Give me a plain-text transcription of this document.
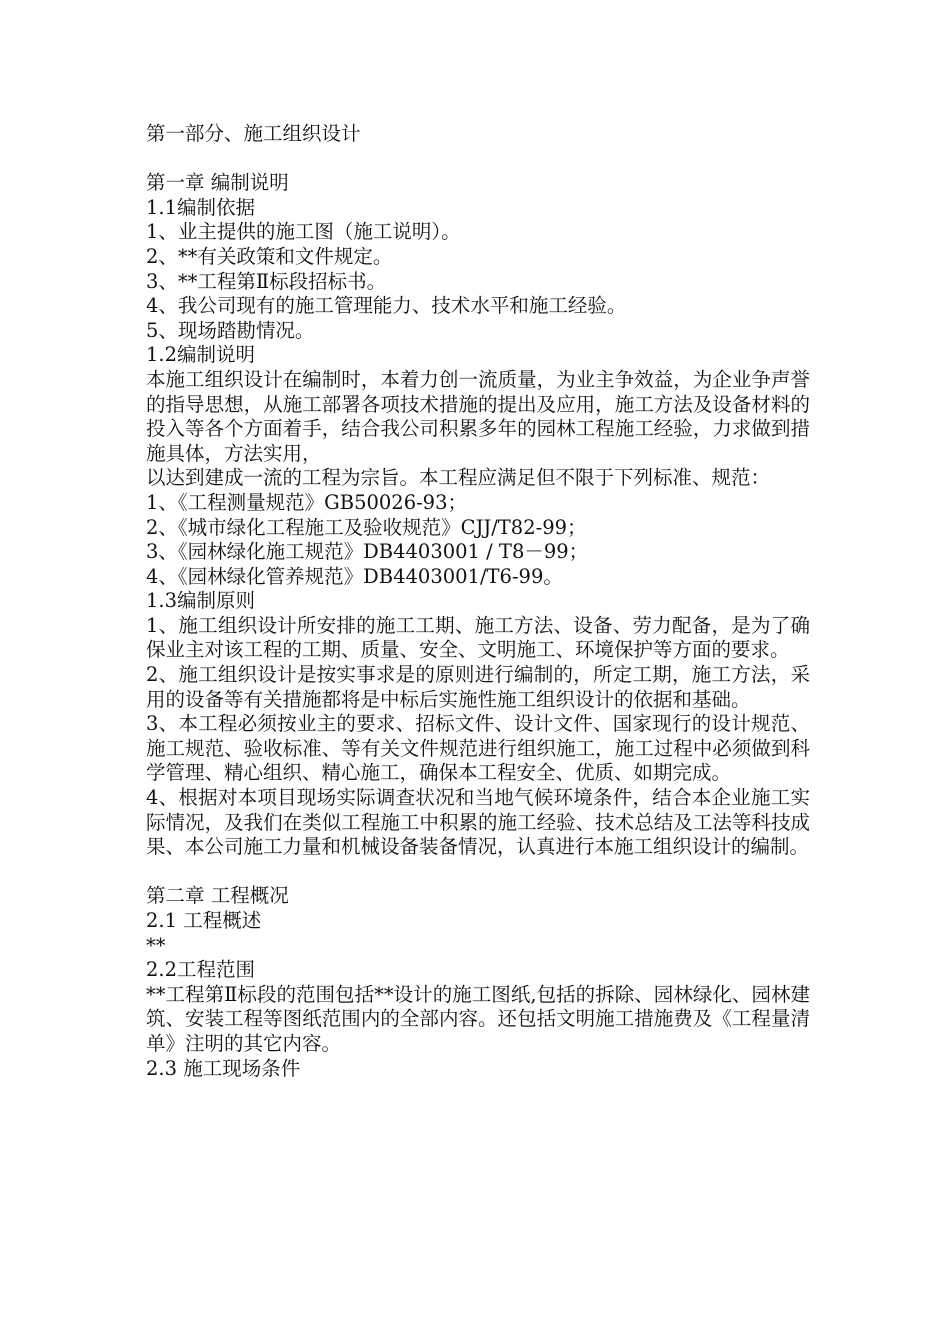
第一部分、施工组织设计
第一章 编制说明
1.1编制依据
1、业主提供的施工图（施工说明）。
2、**有关政策和文件规定。
3、**工程第Ⅱ标段招标书。
4、我公司现有的施工管理能力、技术水平和施工经验。
5、现场踏勘情况。
1.2编制说明
本施工组织设计在编制时，本着力创一流质量，为业主争效益，为企业争声誉的指导思想，从施工部署各项技术措施的提出及应用，施工方法及设备材料的投入等各个方面着手，结合我公司积累多年的园林工程施工经验，力求做到措施具体，方法实用，
以达到建成一流的工程为宗旨。本工程应满足但不限于下列标准、规范：
1、《工程测量规范》GB50026-93；
2、《城市绿化工程施工及验收规范》CJJ/T82-99；
3、《园林绿化施工规范》DB4403001 / T8－99；
4、《园林绿化管养规范》DB4403001/T6-99。
1.3编制原则
1、施工组织设计所安排的施工工期、施工方法、设备、劳力配备，是为了确保业主对该工程的工期、质量、安全、文明施工、环境保护等方面的要求。
2、施工组织设计是按实事求是的原则进行编制的，所定工期，施工方法，采用的设备等有关措施都将是中标后实施性施工组织设计的依据和基础。
3、本工程必须按业主的要求、招标文件、设计文件、国家现行的设计规范、施工规范、验收标准、等有关文件规范进行组织施工，施工过程中必须做到科学管理、精心组织、精心施工，确保本工程安全、优质、如期完成。
4、根据对本项目现场实际调查状况和当地气候环境条件，结合本企业施工实际情况，及我们在类似工程施工中积累的施工经验、技术总结及工法等科技成果、本公司施工力量和机械设备装备情况，认真进行本施工组织设计的编制。
第二章 工程概况
2.1 工程概述
**
2.2工程范围
**工程第Ⅱ标段的范围包括**设计的施工图纸,包括的拆除、园林绿化、园林建筑、安装工程等图纸范围内的全部内容。还包括文明施工措施费及《工程量清单》注明的其它内容。
2.3 施工现场条件
